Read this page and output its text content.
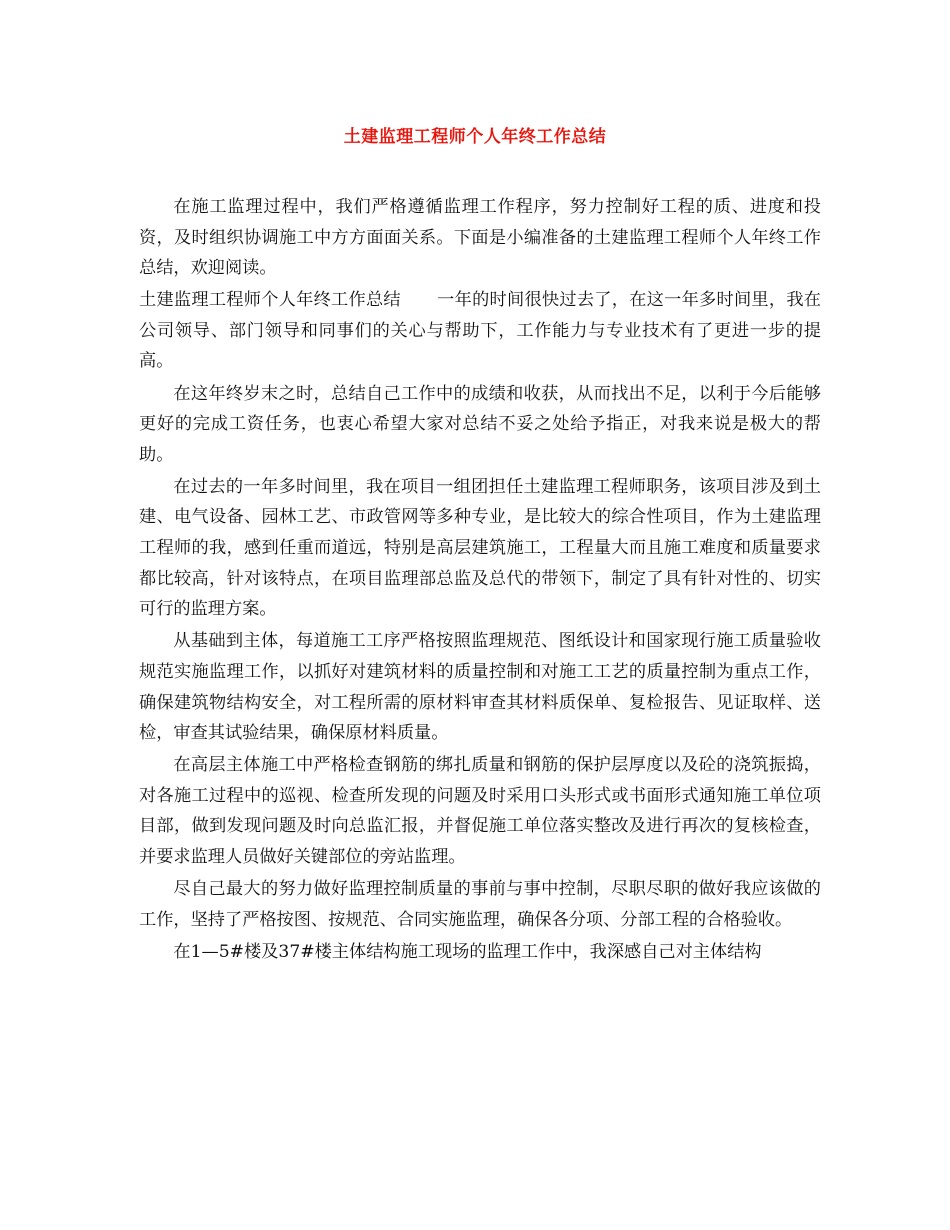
土建监理工程师个人年终工作总结

在施工监理过程中，我们严格遵循监理工作程序，努力控制好工程的质、进度和投资，及时组织协调施工中方方面面关系。下面是小编准备的土建监理工程师个人年终工作总结，欢迎阅读。

土建监理工程师个人年终工作总结 一年的时间很快过去了，在这一年多时间里，我在公司领导、部门领导和同事们的关心与帮助下，工作能力与专业技术有了更进一步的提高。

在这年终岁末之时，总结自己工作中的成绩和收获，从而找出不足，以利于今后能够更好的完成工资任务，也衷心希望大家对总结不妥之处给予指正，对我来说是极大的帮助。

在过去的一年多时间里，我在项目一组团担任土建监理工程师职务，该项目涉及到土建、电气设备、园林工艺、市政管网等多种专业，是比较大的综合性项目，作为土建监理工程师的我，感到任重而道远，特别是高层建筑施工，工程量大而且施工难度和质量要求都比较高，针对该特点，在项目监理部总监及总代的带领下，制定了具有针对性的、切实可行的监理方案。

从基础到主体，每道施工工序严格按照监理规范、图纸设计和国家现行施工质量验收规范实施监理工作，以抓好对建筑材料的质量控制和对施工工艺的质量控制为重点工作，确保建筑物结构安全，对工程所需的原材料审查其材料质保单、复检报告、见证取样、送检，审查其试验结果，确保原材料质量。

在高层主体施工中严格检查钢筋的绑扎质量和钢筋的保护层厚度以及砼的浇筑振捣，对各施工过程中的巡视、检查所发现的问题及时采用口头形式或书面形式通知施工单位项目部，做到发现问题及时向总监汇报，并督促施工单位落实整改及进行再次的复核检查，并要求监理人员做好关键部位的旁站监理。

尽自己最大的努力做好监理控制质量的事前与事中控制，尽职尽职的做好我应该做的工作，坚持了严格按图、按规范、合同实施监理，确保各分项、分部工程的合格验收。

在1—5#楼及37#楼主体结构施工现场的监理工作中，我深感自己对主体结构
